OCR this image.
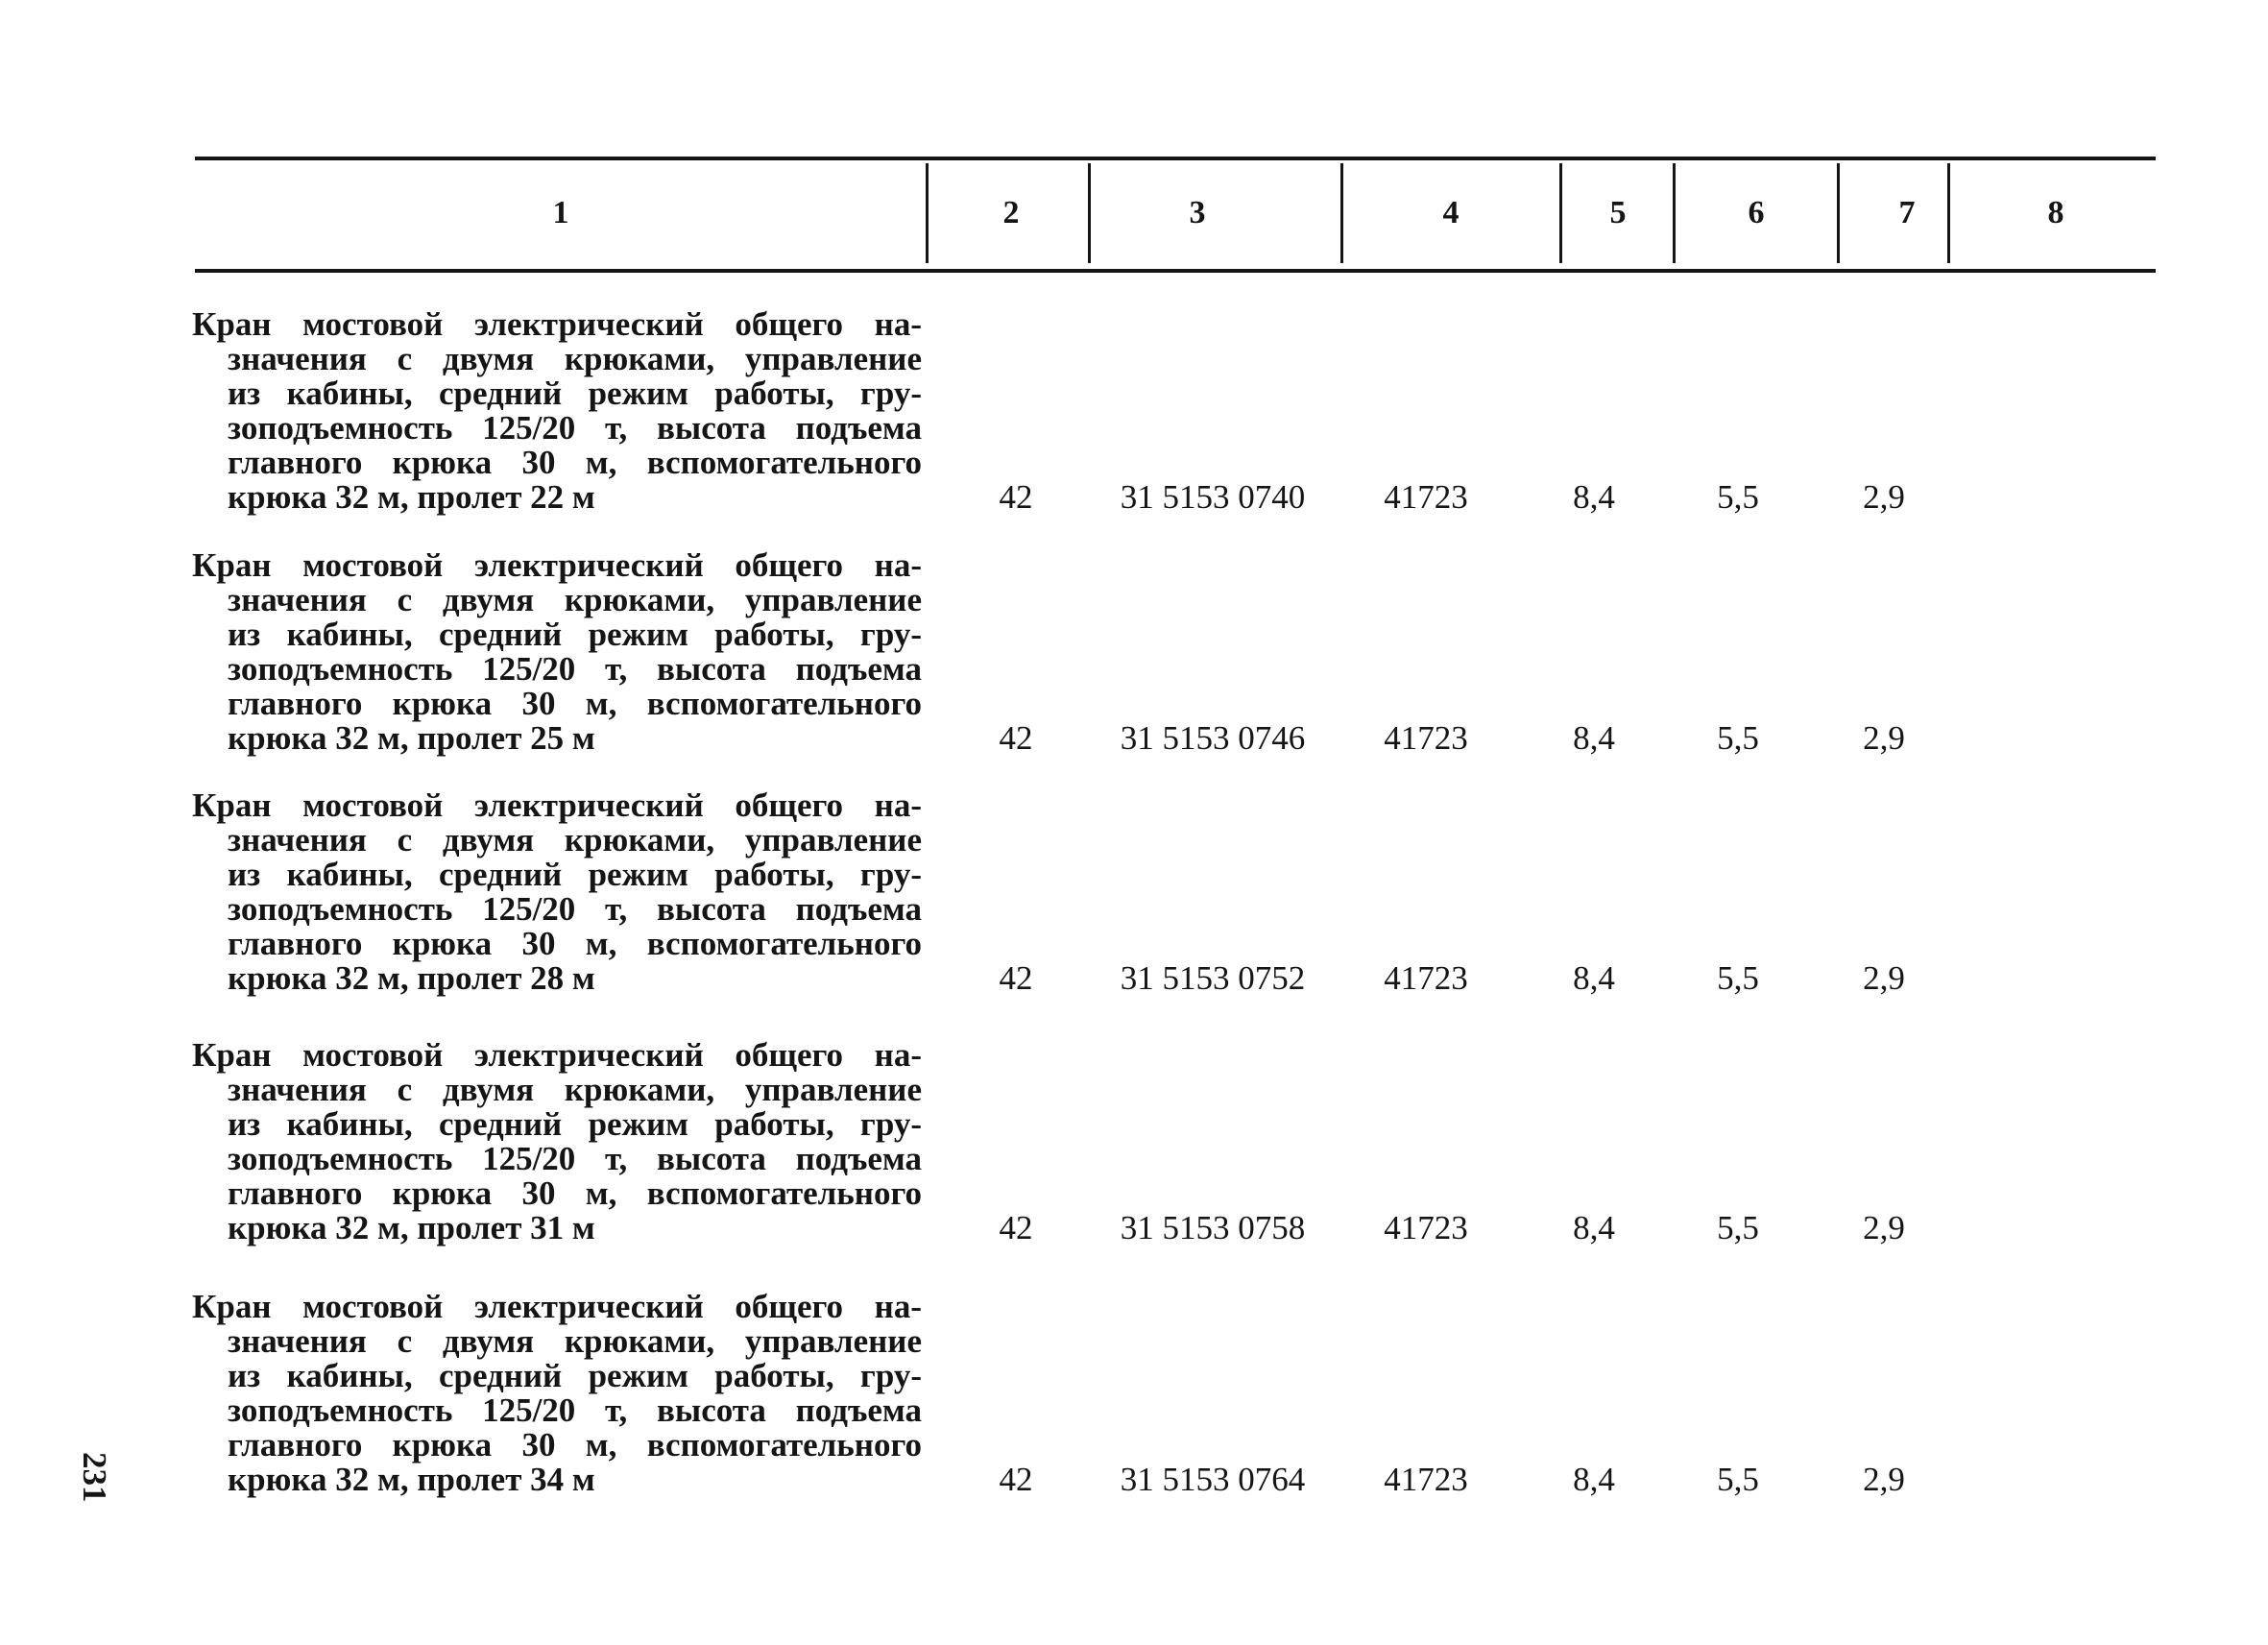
1	2	3	4	5	6	7	8
Кран мостовой электрический общего на-
значения с двумя крюками, управление
из кабины, средний режим работы, гру-
зоподъемность 125/20 т, высота подъема
главного крюка 30 м, вспомогательного
крюка 32 м, пролет 22 м	42	31 5153 0740	41723	8,4	5,5	2,9
Кран мостовой электрический общего на-
значения с двумя крюками, управление
из кабины, средний режим работы, гру-
зоподъемность 125/20 т, высота подъема
главного крюка 30 м, вспомогательного
крюка 32 м, пролет 25 м	42	31 5153 0746	41723	8,4	5,5	2,9
Кран мостовой электрический общего на-
значения с двумя крюками, управление
из кабины, средний режим работы, гру-
зоподъемность 125/20 т, высота подъема
главного крюка 30 м, вспомогательного
крюка 32 м, пролет 28 м	42	31 5153 0752	41723	8,4	5,5	2,9
Кран мостовой электрический общего на-
значения с двумя крюками, управление
из кабины, средний режим работы, гру-
зоподъемность 125/20 т, высота подъема
главного крюка 30 м, вспомогательного
крюка 32 м, пролет 31 м	42	31 5153 0758	41723	8,4	5,5	2,9
Кран мостовой электрический общего на-
значения с двумя крюками, управление
из кабины, средний режим работы, гру-
зоподъемность 125/20 т, высота подъема
главного крюка 30 м, вспомогательного
крюка 32 м, пролет 34 м	42	31 5153 0764	41723	8,4	5,5	2,9
231
